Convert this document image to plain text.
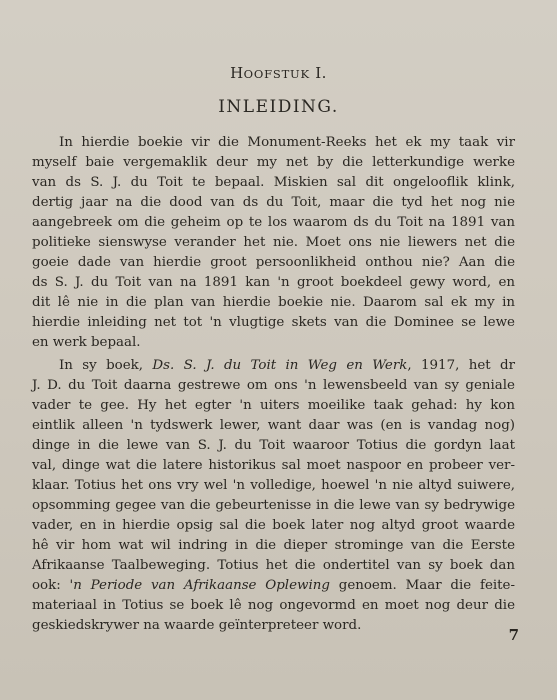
HOOFSTUK I.
INLEIDING.
In hierdie boekie vir die Monument-Reeks het ek my taak vir
myself baie vergemaklik deur my net by die letterkundige werke
van ds S. J. du Toit te bepaal. Miskien sal dit ongelooflik klink,
dertig jaar na die dood van ds du Toit, maar die tyd het nog nie
aangebreek om die geheim op te los waarom ds du Toit na 1891 van
politieke sienswyse verander het nie. Moet ons nie liewers net die
goeie dade van hierdie groot persoonlikheid onthou nie? Aan die
ds S. J. du Toit van na 1891 kan 'n groot boekdeel gewy word, en
dit lê nie in die plan van hierdie boekie nie. Daarom sal ek my in
hierdie inleiding net tot 'n vlugtige skets van die Dominee se lewe
en werk bepaal.
In sy boek, Ds. S. J. du Toit in Weg en Werk, 1917, het dr
J. D. du Toit daarna gestrewe om ons 'n lewensbeeld van sy geniale
vader te gee. Hy het egter 'n uiters moeilike taak gehad: hy kon
eintlik alleen 'n tydswerk lewer, want daar was (en is vandag nog)
dinge in die lewe van S. J. du Toit waaroor Totius die gordyn laat
val, dinge wat die latere historikus sal moet naspoor en probeer ver-
klaar. Totius het ons vry wel 'n volledige, hoewel 'n nie altyd suiwere,
opsomming gegee van die gebeurtenisse in die lewe van sy bedrywige
vader, en in hierdie opsig sal die boek later nog altyd groot waarde
hê vir hom wat wil indring in die dieper strominge van die Eerste
Afrikaanse Taalbeweging. Totius het die ondertitel van sy boek dan
ook: 'n Periode van Afrikaanse Oplewing genoem. Maar die feite-
materiaal in Totius se boek lê nog ongevormd en moet nog deur die
geskiedskrywer na waarde geïnterpreteer word.
7
